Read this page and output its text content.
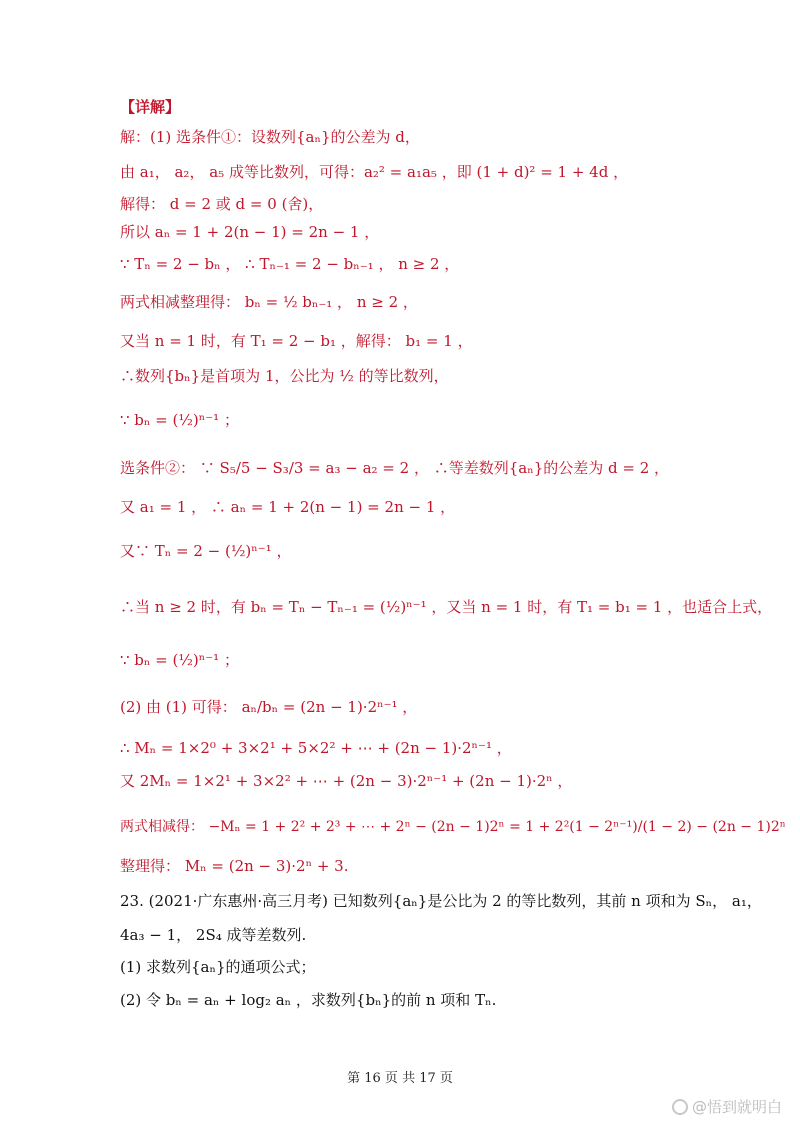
【详解】
解：(1) 选条件①：设数列{aₙ}的公差为 d，
由 a₁， a₂， a₅ 成等比数列，可得：a₂² = a₁a₅ ，即 (1 + d)² = 1 + 4d ，
解得： d = 2 或 d = 0 (舍)，
所以 aₙ = 1 + 2(n − 1) = 2n − 1 ，
∵ Tₙ = 2 − bₙ ， ∴ Tₙ₋₁ = 2 − bₙ₋₁ ， n ≥ 2 ，
两式相减整理得： bₙ = ½ bₙ₋₁ ， n ≥ 2 ，
又当 n = 1 时，有 T₁ = 2 − b₁ ，解得： b₁ = 1 ，
∴数列{bₙ}是首项为 1，公比为 ½ 的等比数列，
∵ bₙ = (½)ⁿ⁻¹ ；
选条件②： ∵ S₅/5 − S₃/3 = a₃ − a₂ = 2 ， ∴等差数列{aₙ}的公差为 d = 2 ，
又 a₁ = 1 ， ∴ aₙ = 1 + 2(n − 1) = 2n − 1 ，
又∵ Tₙ = 2 − (½)ⁿ⁻¹ ，
∴当 n ≥ 2 时，有 bₙ = Tₙ − Tₙ₋₁ = (½)ⁿ⁻¹ ，又当 n = 1 时，有 T₁ = b₁ = 1 ，也适合上式，
∵ bₙ = (½)ⁿ⁻¹ ；
(2) 由 (1) 可得： aₙ/bₙ = (2n − 1)·2ⁿ⁻¹ ，
∴ Mₙ = 1×2⁰ + 3×2¹ + 5×2² + ⋯ + (2n − 1)·2ⁿ⁻¹ ，
又 2Mₙ = 1×2¹ + 3×2² + ⋯ + (2n − 3)·2ⁿ⁻¹ + (2n − 1)·2ⁿ ，
两式相减得： −Mₙ = 1 + 2² + 2³ + ⋯ + 2ⁿ − (2n − 1)2ⁿ = 1 + 2²(1 − 2ⁿ⁻¹)/(1 − 2) − (2n − 1)2ⁿ
整理得： Mₙ = (2n − 3)·2ⁿ + 3.
23. (2021·广东惠州·高三月考) 已知数列{aₙ}是公比为 2 的等比数列，其前 n 项和为 Sₙ， a₁，
4a₃ − 1， 2S₄ 成等差数列.
(1) 求数列{aₙ}的通项公式；
(2) 令 bₙ = aₙ + log₂ aₙ ，求数列{bₙ}的前 n 项和 Tₙ.
第 16 页 共 17 页
@悟到就明白
